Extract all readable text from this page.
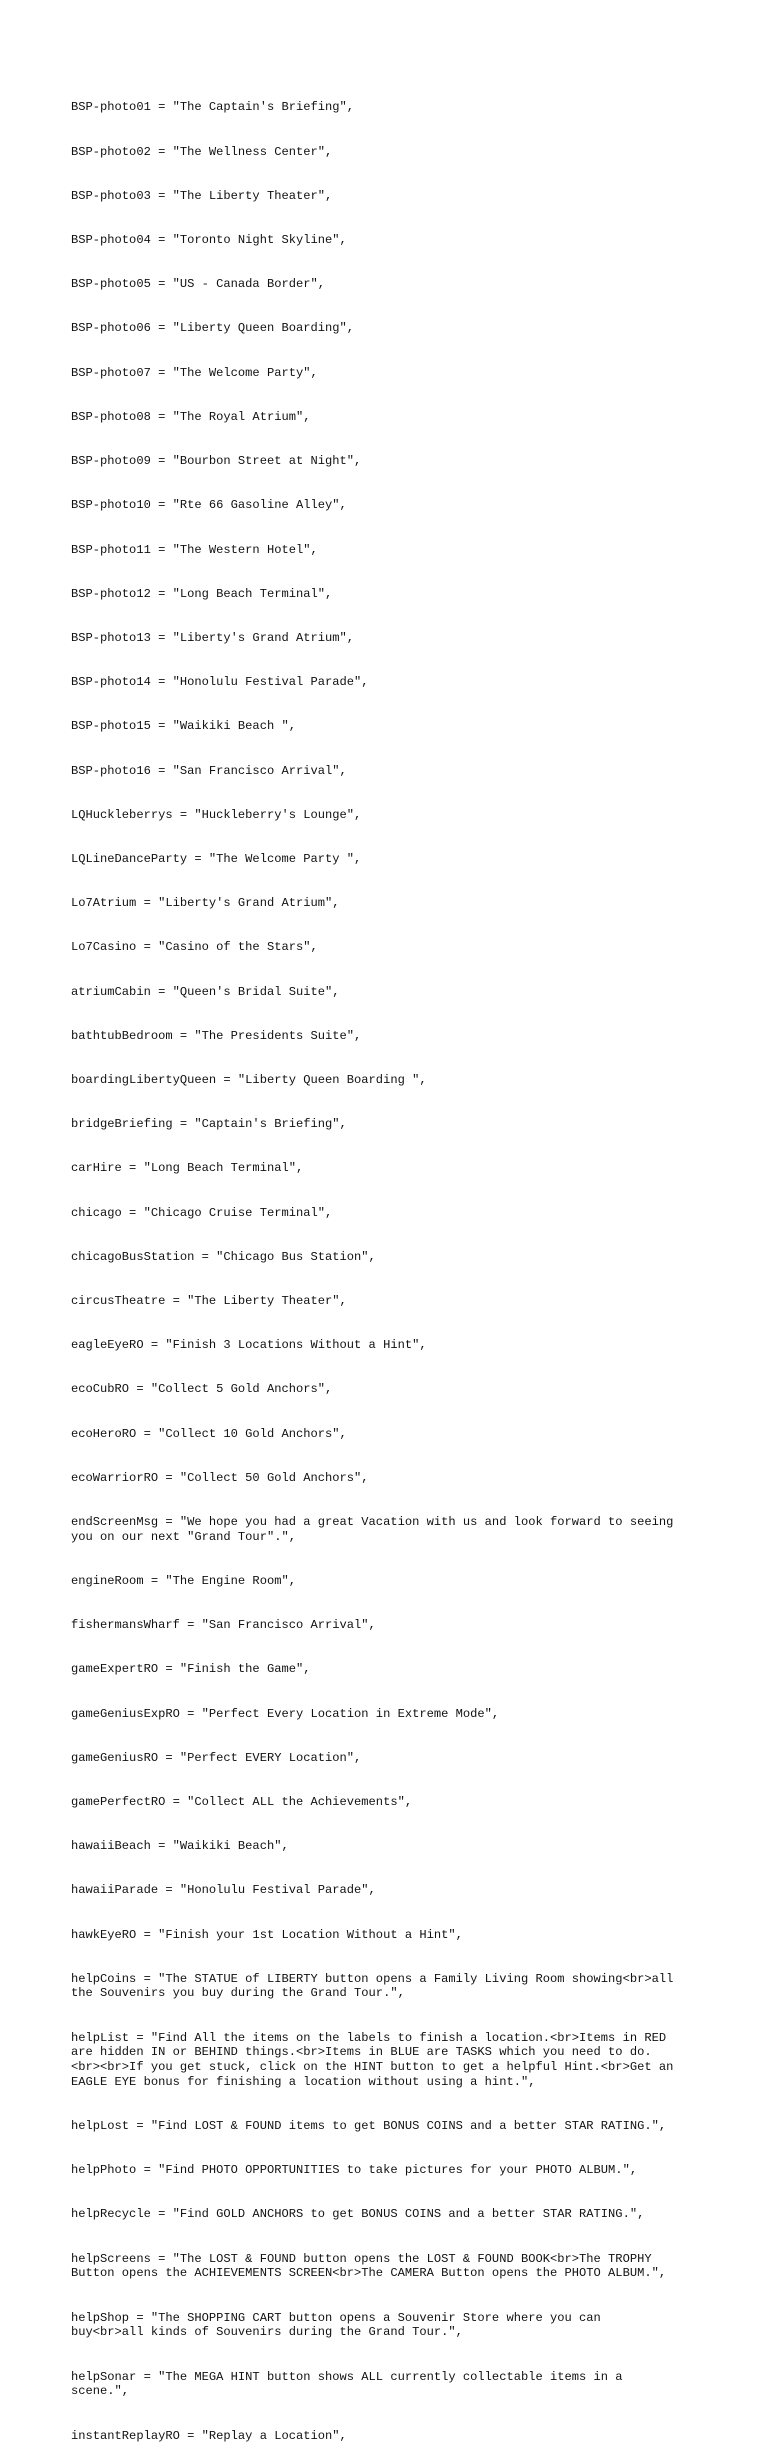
BSP-photo01 = "The Captain's Briefing",

BSP-photo02 = "The Wellness Center",

BSP-photo03 = "The Liberty Theater",

BSP-photo04 = "Toronto Night Skyline",

BSP-photo05 = "US - Canada Border",

BSP-photo06 = "Liberty Queen Boarding",

BSP-photo07 = "The Welcome Party",

BSP-photo08 = "The Royal Atrium",

BSP-photo09 = "Bourbon Street at Night",

BSP-photo10 = "Rte 66 Gasoline Alley",

BSP-photo11 = "The Western Hotel",

BSP-photo12 = "Long Beach Terminal",

BSP-photo13 = "Liberty's Grand Atrium",

BSP-photo14 = "Honolulu Festival Parade",

BSP-photo15 = "Waikiki Beach ",

BSP-photo16 = "San Francisco Arrival",

LQHuckleberrys = "Huckleberry's Lounge",

LQLineDanceParty = "The Welcome Party ",

Lo7Atrium = "Liberty's Grand Atrium",

Lo7Casino = "Casino of the Stars",

atriumCabin = "Queen's Bridal Suite",

bathtubBedroom = "The Presidents Suite",

boardingLibertyQueen = "Liberty Queen Boarding ",

bridgeBriefing = "Captain's Briefing",

carHire = "Long Beach Terminal",

chicago = "Chicago Cruise Terminal",

chicagoBusStation = "Chicago Bus Station",

circusTheatre = "The Liberty Theater",

eagleEyeRO = "Finish 3 Locations Without a Hint",

ecoCubRO = "Collect 5 Gold Anchors",

ecoHeroRO = "Collect 10 Gold Anchors",

ecoWarriorRO = "Collect 50 Gold Anchors",

endScreenMsg = "We hope you had a great Vacation with us and look forward to seeing
you on our next "Grand Tour".",

engineRoom = "The Engine Room",

fishermansWharf = "San Francisco Arrival",

gameExpertRO = "Finish the Game",

gameGeniusExpRO = "Perfect Every Location in Extreme Mode",

gameGeniusRO = "Perfect EVERY Location",

gamePerfectRO = "Collect ALL the Achievements",

hawaiiBeach = "Waikiki Beach",

hawaiiParade = "Honolulu Festival Parade",

hawkEyeRO = "Finish your 1st Location Without a Hint",

helpCoins = "The STATUE of LIBERTY button opens a Family Living Room showing<br>all
the Souvenirs you buy during the Grand Tour.",

helpList = "Find All the items on the labels to finish a location.<br>Items in RED
are hidden IN or BEHIND things.<br>Items in BLUE are TASKS which you need to do.
<br><br>If you get stuck, click on the HINT button to get a helpful Hint.<br>Get an
EAGLE EYE bonus for finishing a location without using a hint.",

helpLost = "Find LOST & FOUND items to get BONUS COINS and a better STAR RATING.",

helpPhoto = "Find PHOTO OPPORTUNITIES to take pictures for your PHOTO ALBUM.",

helpRecycle = "Find GOLD ANCHORS to get BONUS COINS and a better STAR RATING.",

helpScreens = "The LOST & FOUND button opens the LOST & FOUND BOOK<br>The TROPHY
Button opens the ACHIEVEMENTS SCREEN<br>The CAMERA Button opens the PHOTO ALBUM.",

helpShop = "The SHOPPING CART button opens a Souvenir Store where you can
buy<br>all kinds of Souvenirs during the Grand Tour.",

helpSonar = "The MEGA HINT button shows ALL currently collectable items in a
scene.",

instantReplayRO = "Replay a Location",
